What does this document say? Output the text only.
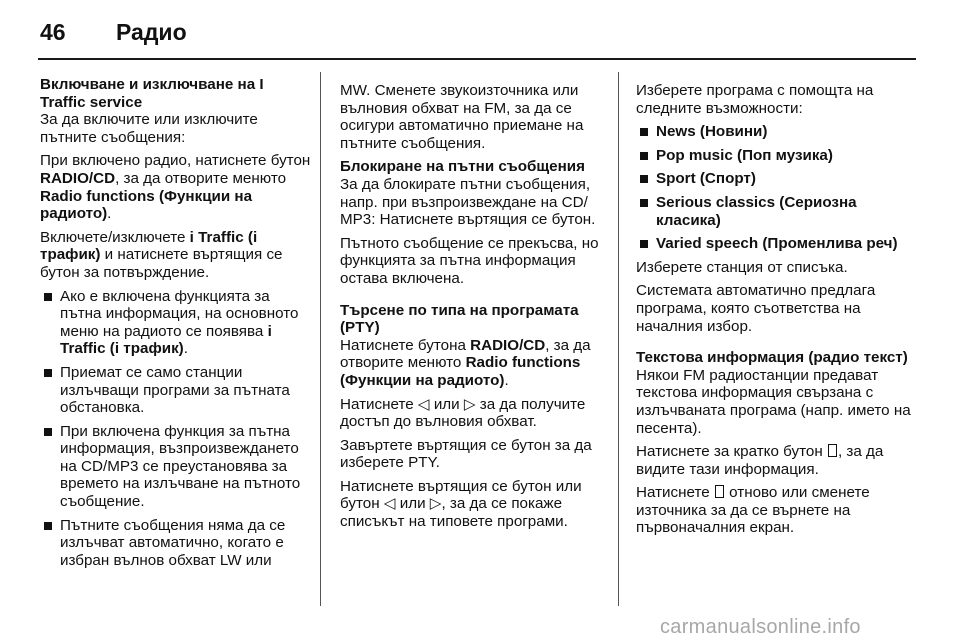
46 Радио

Включване и изключване на I Traffic service

За да включите или изключите пътните съобщения:

При включено радио, натиснете бутон RADIO/CD, за да отворите менюто Radio functions (Функции на радиото).

Включете/изключете i Traffic (i трафик) и натиснете въртящия се бутон за потвърждение.

Ако е включена функцията за пътна информация, на основното меню на радиото се появява i Traffic (i трафик).
Приемат се само станции излъчващи програми за пътната обстановка.
При включена функция за пътна информация, възпроизвеждането на CD/MP3 се преустановява за времето на излъчване на пътното съобщение.
Пътните съобщения няма да се излъчват автоматично, когато е избран вълнов обхват LW или

MW. Сменете звукоизточника или вълновия обхват на FM, за да се осигури автоматично приемане на пътните съобщения.

Блокиране на пътни съобщения

За да блокирате пътни съобщения, напр. при възпроизвеждане на CD/ MP3: Натиснете въртящия се бутон.

Пътното съобщение се прекъсва, но функцията за пътна информация остава включена.

Търсене по типа на програмата (PTY)

Натиснете бутона RADIO/CD, за да отворите менюто Radio functions (Функции на радиото).

Натиснете ◁ или ▷ за да получите достъп до вълновия обхват.

Завъртете въртящия се бутон за да изберете PTY.

Натиснете въртящия се бутон или бутон ◁ или ▷, за да се покаже списъкът на типовете програми.

Изберете програма с помощта на следните възможности:

News (Новини)
Pop music (Поп музика)
Sport (Спорт)
Serious classics (Сериозна класика)
Varied speech (Променлива реч)

Изберете станция от списъка.

Системата автоматично предлага програма, която съответства на началния избор.

Текстова информация (радио текст)

Някои FM радиостанции предават текстова информация свързана с излъчваната програма (напр. името на песента).

Натиснете за кратко бутон , за да видите тази информация.

Натиснете  отново или сменете източника за да се върнете на първоначалния екран.

carmanualsonline.info
